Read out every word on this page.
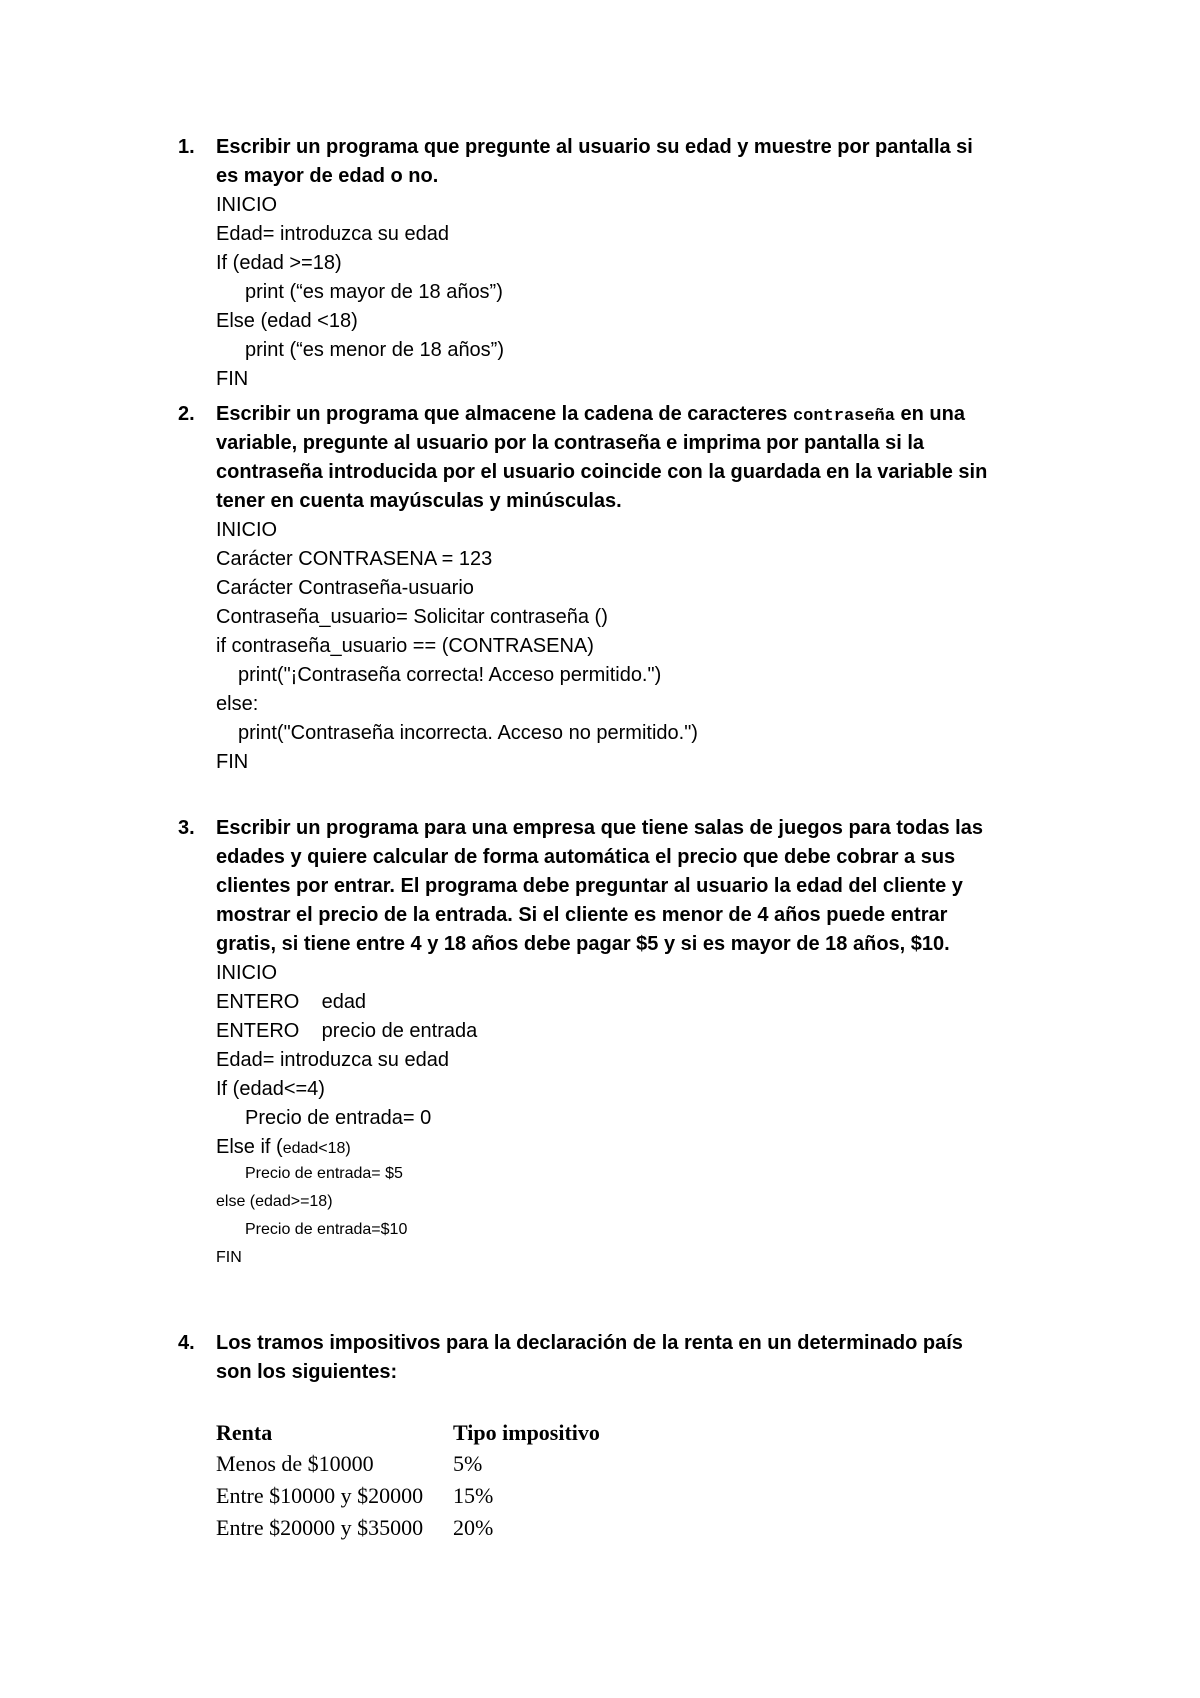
1.	Escribir un programa que pregunte al usuario su edad y muestre por pantalla si

es mayor de edad o no.

INICIO

Edad= introduzca su edad

If (edad >=18)

print (“es mayor de 18 años”)

Else (edad <18)

print (“es menor de 18 años”)

FIN

2.	Escribir un programa que almacene la cadena de caracteres contraseña en una

variable, pregunte al usuario por la contraseña e imprima por pantalla si la

contraseña introducida por el usuario coincide con la guardada en la variable sin

tener en cuenta mayúsculas y minúsculas.

INICIO

Carácter CONTRASENA = 123

Carácter Contraseña-usuario

Contraseña_usuario= Solicitar contraseña ()

if contraseña_usuario == (CONTRASENA)

print("¡Contraseña correcta! Acceso permitido.")

else:

print("Contraseña incorrecta. Acceso no permitido.")

FIN

3.	Escribir un programa para una empresa que tiene salas de juegos para todas las

edades y quiere calcular de forma automática el precio que debe cobrar a sus

clientes por entrar. El programa debe preguntar al usuario la edad del cliente y

mostrar el precio de la entrada. Si el cliente es menor de 4 años puede entrar

gratis, si tiene entre 4 y 18 años debe pagar $5 y si es mayor de 18 años, $10.

INICIO

ENTERO    edad

ENTERO    precio de entrada

Edad= introduzca su edad

If (edad<=4)

Precio de entrada= 0

Else if (edad<18)

Precio de entrada= $5

else (edad>=18)

Precio de entrada=$10

FIN

4.	Los tramos impositivos para la declaración de la renta en un determinado país

son los siguientes:

Renta	Tipo impositivo

Menos de $10000	5%

Entre $10000 y $20000 15%

Entre $20000 y $35000 20%
